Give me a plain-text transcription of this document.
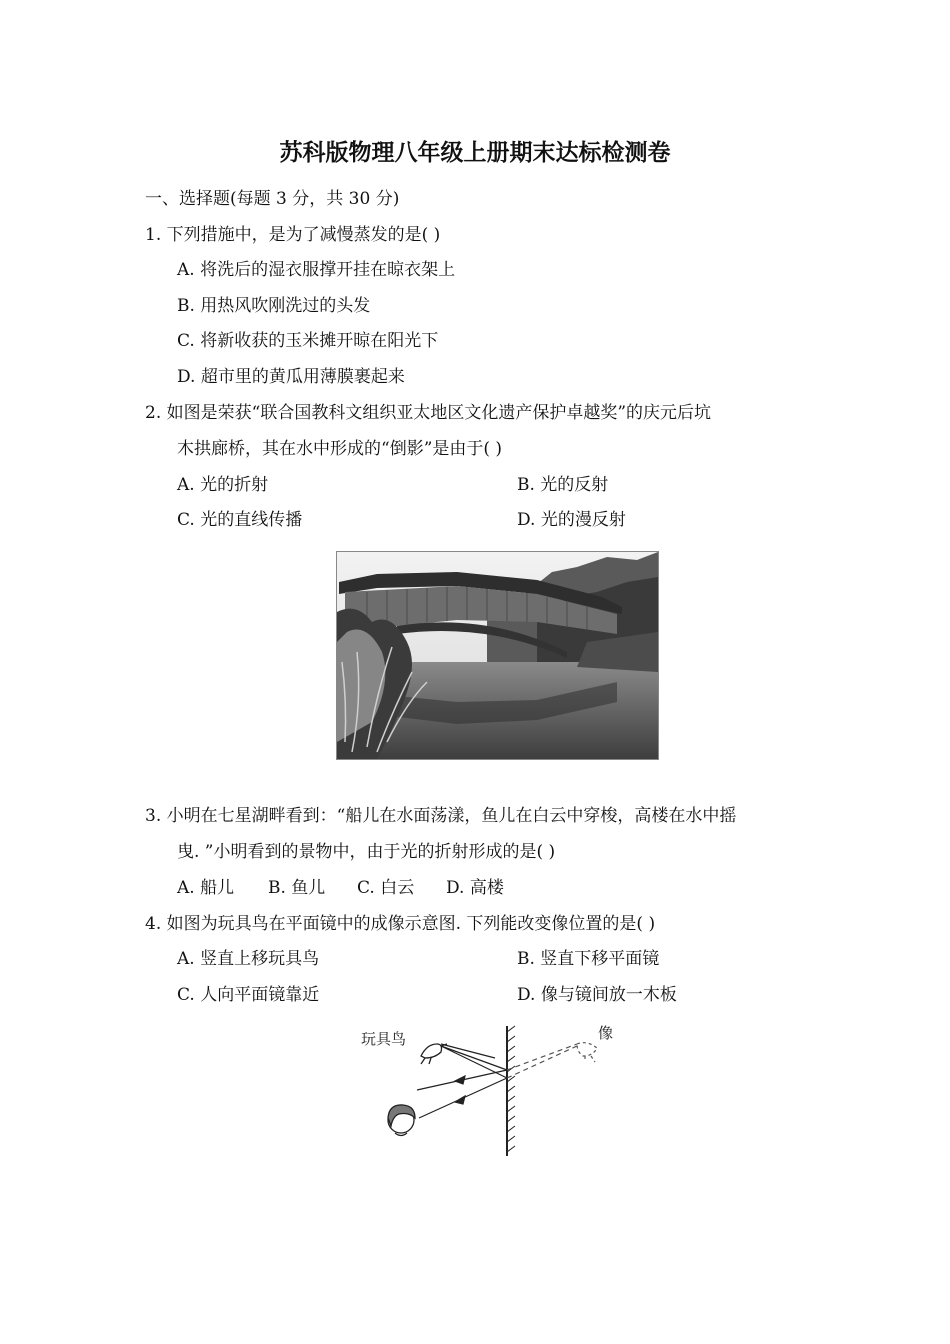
苏科版物理八年级上册期末达标检测卷
一、选择题(每题 3 分，共 30 分)
1. 下列措施中，是为了减慢蒸发的是( )
A. 将洗后的湿衣服撑开挂在晾衣架上
B. 用热风吹刚洗过的头发
C. 将新收获的玉米摊开晾在阳光下
D. 超市里的黄瓜用薄膜裹起来
2. 如图是荣获“联合国教科文组织亚太地区文化遗产保护卓越奖”的庆元后坑
木拱廊桥，其在水中形成的“倒影”是由于( )
A. 光的折射	B. 光的反射
C. 光的直线传播	D. 光的漫反射
3. 小明在七星湖畔看到：“船儿在水面荡漾，鱼儿在白云中穿梭，高楼在水中摇
曳. ”小明看到的景物中，由于光的折射形成的是( )
A. 船儿 B. 鱼儿 C. 白云 D. 高楼
4. 如图为玩具鸟在平面镜中的成像示意图. 下列能改变像位置的是( )
A. 竖直上移玩具鸟	B. 竖直下移平面镜
C. 人向平面镜靠近	D. 像与镜间放一木板
玩具鸟	像
